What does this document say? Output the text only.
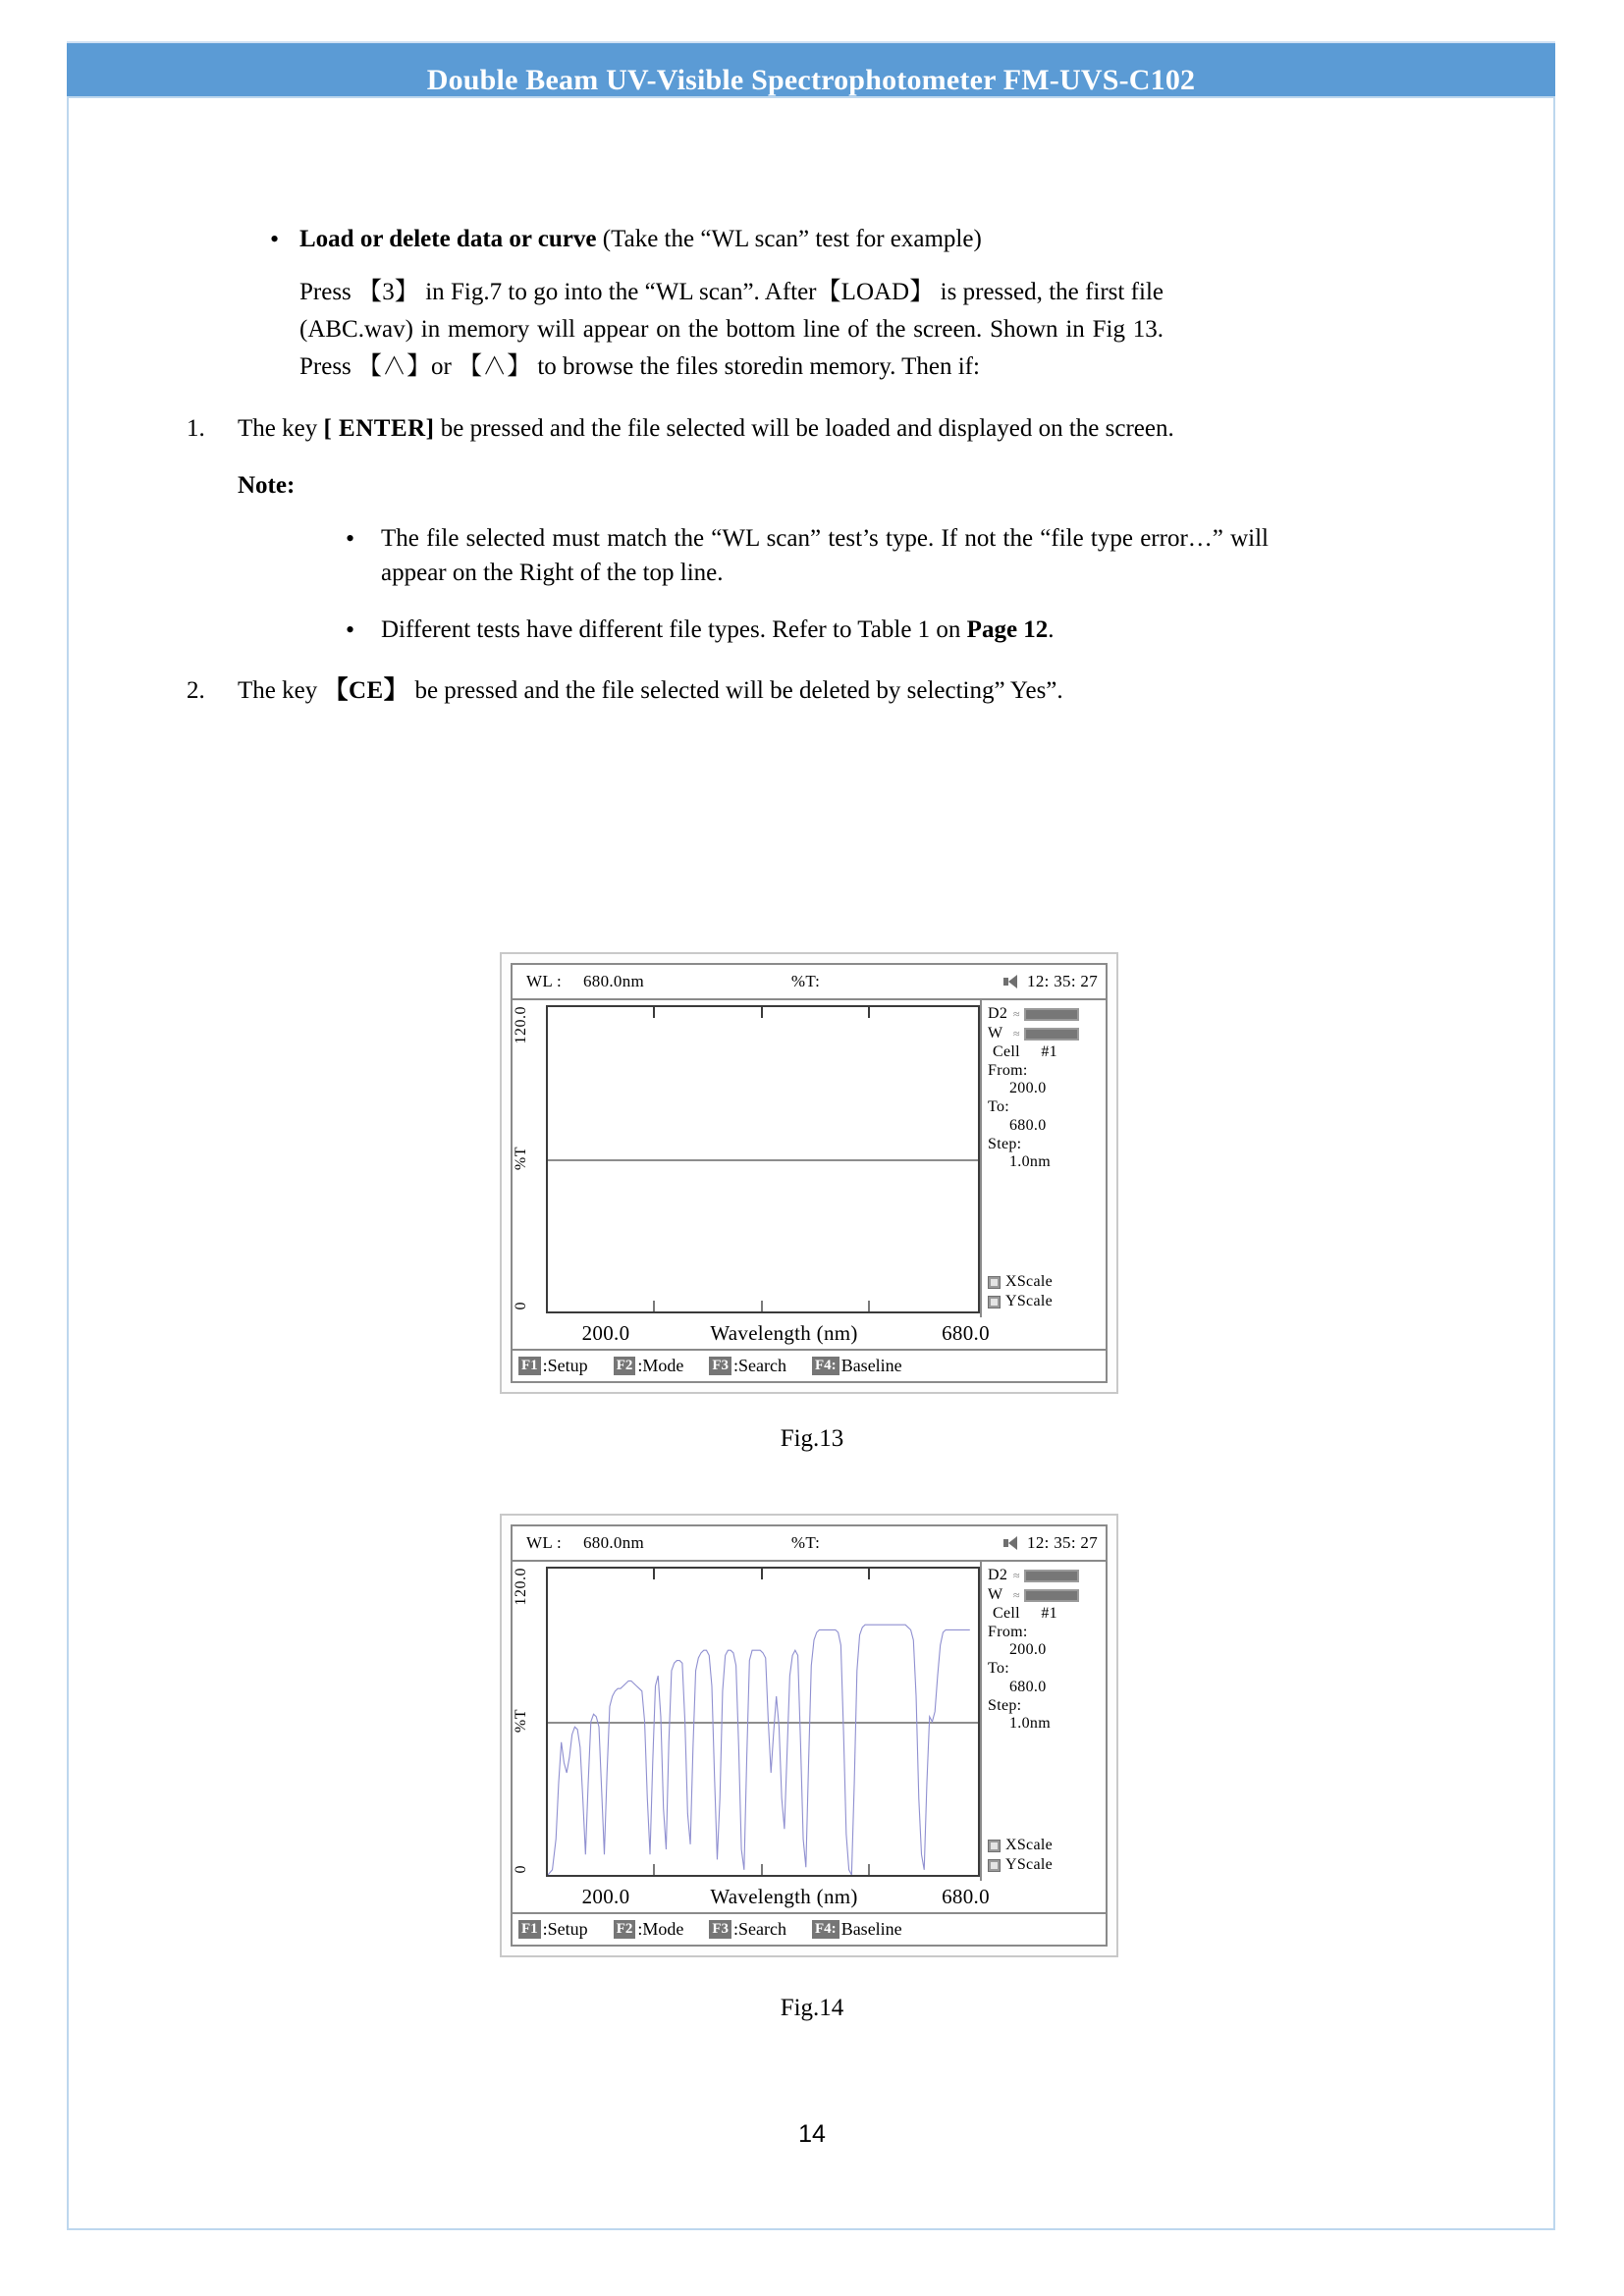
Double Beam UV-Visible Spectrophotometer FM-UVS-C102
• Load or delete data or curve (Take the “WL scan” test for example)
Press 【3】 in Fig.7 to go into the “WL scan”. After【LOAD】 is pressed, the first file (ABC.wav) in memory will appear on the bottom line of the screen. Shown in Fig 13. Press 【∧】or 【∧】 to browse the files storedin memory. Then if:
1.	The key [ ENTER] be pressed and the file selected will be loaded and displayed on the screen.
Note:
•	The file selected must match the “WL scan” test’s type. If not the “file type error…” will appear on the Right of the top line.
•	Different tests have different file types. Refer to Table 1 on Page 12.
2.	The key 【CE】 be pressed and the file selected will be deleted by selecting” Yes”.
WL : 680.0nm	%T:	12: 35: 27
120.0
%T
0
D2 ≈
W ≈
Cell #1
From:
200.0
To:
680.0
Step:
1.0nm
XScale
YScale
200.0	Wavelength (nm)	680.0
F1 :Setup F2 :Mode F3 :Search F4: Baseline
Fig.13
WL : 680.0nm	%T:	12: 35: 27
120.0
%T
0
D2 ≈
W ≈
Cell #1
From:
200.0
To:
680.0
Step:
1.0nm
XScale
YScale
200.0	Wavelength (nm)	680.0
F1 :Setup F2 :Mode F3 :Search F4: Baseline
Fig.14
14
